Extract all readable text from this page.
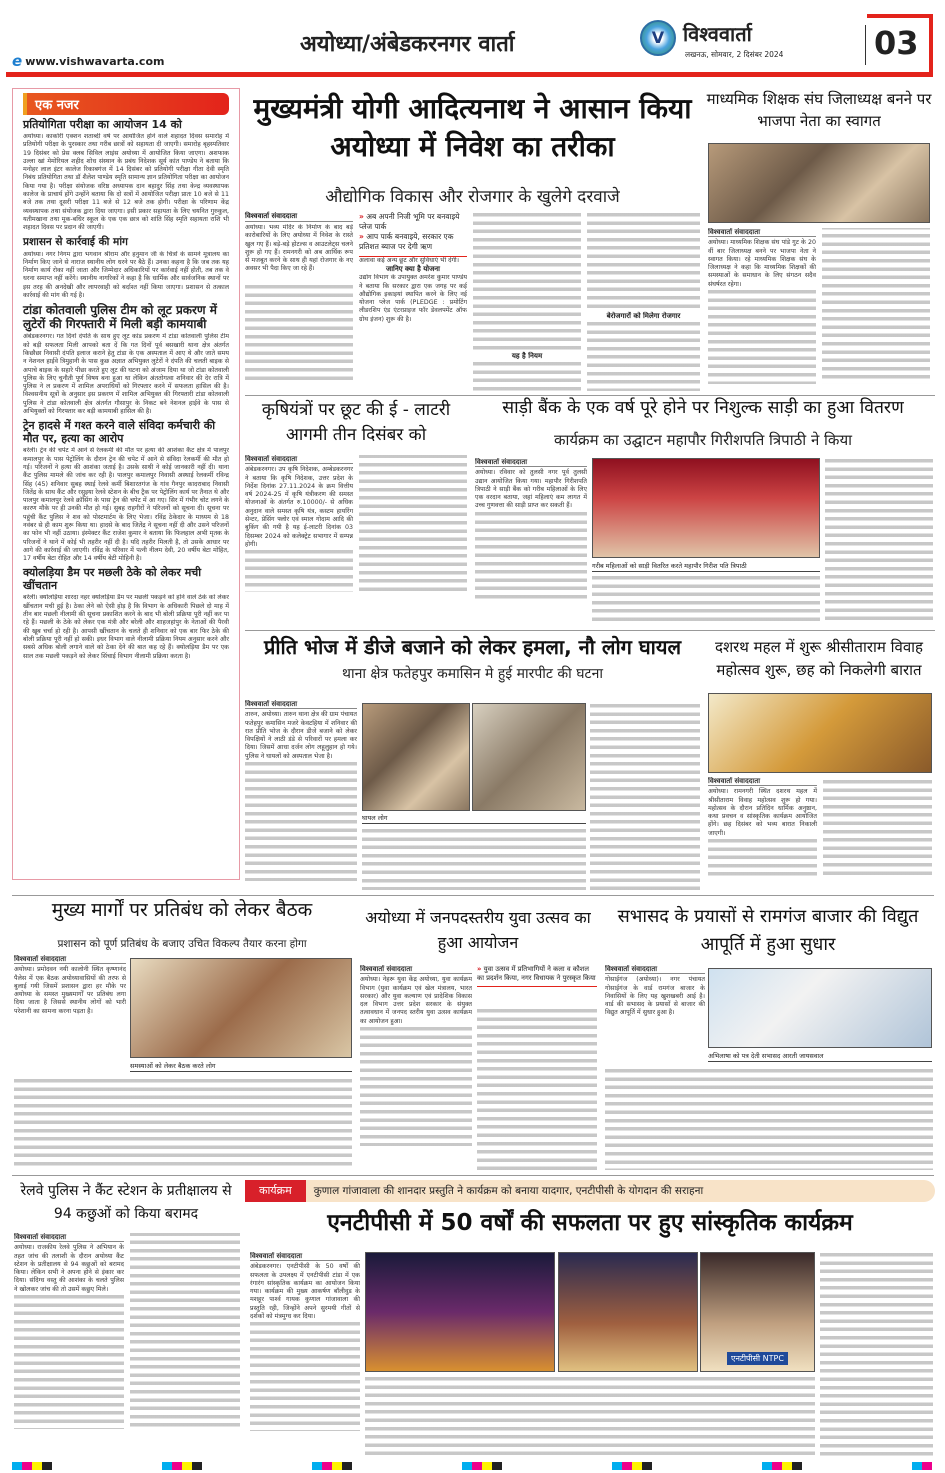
e www.vishwavarta.com
अयोध्या/अंबेडकरनगर वार्ता	V विश्ववार्ता
लखनऊ, सोमवार, 2 दिसंबर 2024	03
एक नजर
प्रतियोगिता परीक्षा का आयोजन 14 को
अयोध्या। काकोरी एक्शन शताब्दी वर्ष पर आयोजित होने वाले शहादत दिवस समारोह में प्रतियोगी परीक्षा के पुरस्कार तथा गरीब छात्रों को सहायता दी जाएगी। समारोह बृहस्पतिवार 19 दिसंबर को प्रेस क्लब सिविल लाइंस अयोध्या में आयोजित किया जाएगा। अशफाक उल्ला खां मेमोरियल शहीद शोध संस्थान के प्रबंध निदेशक सूर्य कांत पाण्डेय ने बताया कि मनोहर लाल इंटर कालेज रिकाबगंज में 14 दिसंबर को प्रतियोगी परीक्षा गीता देवी स्मृति निबंध प्रतियोगिता तथा डॉ शैलेश पाण्डेय स्मृति सामान्य ज्ञान प्रतियोगिता परीक्षा का आयोजन किया गया है। परीक्षा संयोजक वरिष्ठ अध्यापक दान बहादुर सिंह तथा केन्द्र व्यवस्थापक कालेज के प्राचार्य होंगे उन्होंने बताया कि दो सत्रों में आयोजित परीक्षा प्रातः 10 बजे से 11 बजे तक तथा दूसरी परीक्षा 11 बजे से 12 बजे तक होगी। परीक्षा के परिणाम केंद्र व्यवस्थापक तथा संयोजक द्वारा दिया जाएगा। इसी प्रकार सहायता के लिए चयनित गुरुकुल, यतीमखाना तथा मूक-बधिर स्कूल के एक एक छात्र को शांति सिंह स्मृति सहायता राशि भी शहादत दिवस पर प्रदान की जाएगी।
प्रशासन से कार्रवाई की मांग
अयोध्या। नगर निगम द्वारा भगवान श्रीराम और हनुमान जी के चित्रों के सामने मूत्रालय का निर्माण किए जाने से नाराज स्थानीय लोग धरने पर बैठे हैं। उनका कहना है कि जब तक यह निर्माण कार्य रोका नहीं जाता और जिम्मेदार अधिकारियों पर कार्रवाई नहीं होती, तब तक वे धरना समाप्त नहीं करेंगे। स्थानीय नागरिकों ने कहा है कि धार्मिक और सार्वजनिक स्थानों पर इस तरह की अनदेखी और लापरवाही को बर्दाश्त नहीं किया जाएगा। प्रशासन से तत्काल कार्रवाई की मांग की गई है।
टांडा कोतवाली पुलिस टीम को लूट प्रकरण में लुटेरों की गिरफ्तारी में मिली बड़ी कामयाबी
अंबेडकरनगर। गत दिनों दंपति के साथ हुए लूट कांड प्रकरण में टांडा कोतवाली पुलिस टीम को बड़ी सफलता मिली आपको बता दें कि गत दिनों पूर्व बसखारी थाना क्षेत्र अंतर्गत किछौछा निवासी दंपति इलाज कराने हेतु टांडा के एक अस्पताल में आए थे और जाते समय न नेशनल हाईवे त्रिमुहानी के पास कुछ अज्ञात अभियुक्त लुटेरों ने दंपति की चलती बाइक से अपाचे बाइक के सहारे पीछा करते हुए लूट की घटना को अंजाम दिया था जो टांडा कोतवाली पुलिस के लिए चुनौती पूर्ण विषय बना हुआ था लेकिन अंततोगत्वा शनिवार की देर रात्रि में पुलिस ने ल प्रकरण में शामिल अपराधियों को गिरफ्तार करने में सफलता हासिल की है। विश्वसनीय सूत्रों के अनुसार इस प्रकरण में शामिल अभियुक्त की गिरफ्तारी टांडा कोतवाली पुलिस ने टांडा कोतवाली क्षेत्र अंतर्गत गौसापुर के निकट बने नेशनल हाईवे के पास से अभियुक्तों को गिरफ्तार कर बड़ी कामयाबी हासिल की है।
ट्रेन हादसे में गश्त करने वाले संविदा कर्मचारी की मौत पर, हत्या का आरोप
बरेली। ट्रेन की चपेट में आने से रेलकर्मी की मौत पर हत्या की आशंका कैंट क्षेत्र में पालपुर कमालपुर के पास पेट्रोलिंग के दौरान ट्रेन की चपेट में आने से संविदा रेलकर्मी की मौत हो गई। परिजनों ने हत्या की आशंका जताई है। उसके साथी ने कोई जानकारी नहीं दी। थाना कैंट पुलिस मामले की जांच कर रही है। पालपुर कमालपुर निवासी अस्थाई रेलकर्मी रविन्द्र सिंह (45) शनिवार सुबह स्थाई रेलवे कर्मी बिशारतगंज के गांव गैनपुर कादराबाद निवासी जितेंद्र के साथ कैंट और रसुइया रेलवे स्टेशन के बीच ट्रैक पर पेट्रोलिंग कार्य पर तैनात थे और पालपुर कमालपुर रेलवे क्रॉसिंग के पास ट्रेन की चपेट में आ गए। सिर में गंभीर चोट लगने के कारण मौके पर ही उनकी मौत हो गई। सुबह राहगीरों ने परिजनों को सूचना दी। सूचना पर पहुंची कैंट पुलिस ने शव को पोस्टमार्टम के लिए भेजा। रविंद्र ठेकेदार के माध्यम से 18 नवंबर से ही काम शुरू किया था। हादसे के बाद जितेंद्र ने सूचना नहीं दी और उसने परिजनों का फोन भी नहीं उठाया। इंस्पेक्टर कैंट राजेश कुमार ने बताया कि फिलहाल अभी मृतक के परिजनों ने थाने में कोई भी तहरीर नहीं दी है। यदि तहरीर मिलती है, तो उसके आधार पर आगे की कार्रवाई की जाएगी। रविंद्र के परिवार में पत्नी नीलम देवी, 20 वर्षीय बेटा मोहित, 17 वर्षीय बेटा रोहित और 14 वर्षीय बेटी मोहिनी है।
क्योलड़िया डैम पर मछली ठेके को लेकर मची खींचतान
बरेली। क्योलड़िया शारदा नहर क्योलड़िया डैम पर मछली पकड़ने को होने वाले ठेके को लेकर खींचतान मची हुई है। ठेका लेने को ऐसी होड़ है कि विभाग के अधिकारी पिछले दो माह में तीन बार मछली नीलामी की सूचना प्रकाशित करने के बाद भी बोली प्रक्रिया पूरी नहीं कर पा रहे हैं। मछली के ठेके को लेकर एक मंत्री और बरेली और शाहजहांपुर के नेताओं की पैरवी की खूब चर्चा हो रही है। आपसी खींचतान के चलते ही शनिवार को एक बार फिर ठेके की बोली प्रक्रिया पूरी नहीं हो सकी। इधर विभाग वाले नीलामी प्रक्रिया नियम अनुसार करने और सबसे अधिक बोली लगाने वाले को ठेका देने की बात कह रहे हैं। क्योलड़िया डैम पर एक साल तक मछली पकड़ने को लेकर सिंचाई विभाग नीलामी प्रक्रिया करता है।
मुख्यमंत्री योगी आदित्यनाथ ने आसान किया अयोध्या में निवेश का तरीका
औद्योगिक विकास और रोजगार के खुलेगे दरवाजे
विश्ववार्ता संवाददाता
अयोध्या। भव्य मंदिर के निर्माण के बाद बड़े कारोबारियों के लिए अयोध्या में निवेश के रास्ते खुल गए हैं। बड़े-बड़े होटल्स व आउटलेट्स चलने शुरू हो गए हैं। रामनगरी को अब आर्थिक रूप से मजबूत करने के साथ ही यहां रोजगार के नए अवसर भी पैदा किए जा रहे हैं।
» अब अपनी निजी भूमि पर बनवाइये प्लेज पार्क
» आप पार्क बनवाइये, सरकार एक प्रतिशत ब्याज पर देगी ऋण
अलावा कई अन्य छूट और सुविधाएं भी देगी।
जानिए क्या है योजना
उद्योग विभाग के उपायुक्त अमरेश कुमार पाण्डेय ने बताया कि सरकार द्वारा एक जगह पर कई औद्योगिक इकाइयां स्थापित करने के लिए नई योजना प्लेज पार्क (PLEDGE : प्रमोटिंग लीडरशिप एंड एंटरप्राइज फॉर डेवलपमेंट ऑफ ग्रोथ इंजन) शुरू की है।
यह है नियम
बेरोजगारों को मिलेगा रोजगार
माध्यमिक शिक्षक संघ जिलाध्यक्ष बनने पर भाजपा नेता का स्वागत
विश्ववार्ता संवाददाता
अयोध्या। माध्यमिक शिक्षक संघ पांडे गुट के 20 वीं बार जिलाध्यक्ष बनने पर भाजपा नेता ने स्वागत किया। रहे माध्यमिक शिक्षक संघ के जिलाध्यक्ष ने कहा कि माध्यमिक शिक्षकों की समस्याओं के समाधान के लिए संगठन सदैव संघर्षरत रहेगा।
कृषियंत्रों पर छूट की ई - लाटरी आगमी तीन दिसंबर को
विश्ववार्ता संवाददाता
अंबेडकरनगर। उप कृषि निदेशक, अम्बेडकरनगर ने बताया कि कृषि निदेशक, उत्तर प्रदेश के निर्देश दिनांक 27.11.2024 के क्रम वित्तीय वर्ष 2024-25 में कृषि यंत्रीकरण की समस्त योजनाओं के अंतर्गत रु.10000/- से अधिक अनुदान वाले समस्त कृषि यंत्र, कस्टम हायरिंग सेन्टर, प्रेसिंग फ्लोर एवं स्माल गोदाम आदि की बुकिंग की गयी है यह ई-लाटरी दिनांक 03 दिसम्बर 2024 को कलेक्ट्रेट सभागार में सम्पन्न होगी।
साड़ी बैंक के एक वर्ष पूरे होने पर निशुल्क साड़ी का हुआ वितरण
कार्यक्रम का उद्घाटन महापौर गिरीशपति त्रिपाठी ने किया
विश्ववार्ता संवाददाता
अयोध्या। रविवार को तुलसी नगर पूर्व तुलसी उद्यान आयोजित किया गया। महापौर गिरीशपति त्रिपाठी ने साड़ी बैंक को गरीब महिलाओं के लिए एक वरदान बताया, जहां महिलाएं कम लागत में उच्च गुणवत्ता की साड़ी प्राप्त कर सकती हैं।
गरीब महिलाओं को साड़ी वितरित करते महापौर गिरीश पति त्रिपाठी
प्रीति भोज में डीजे बजाने को लेकर हमला, नौ लोग घायल
थाना क्षेत्र फतेहपुर कमासिन मे हुई मारपीट की घटना
विश्ववार्ता संवाददाता
तारुन, अयोध्या। तारुन थाना क्षेत्र की ग्राम पंचायत फतेहपुर कमासिन मजरे केवटहिया में शनिवार की रात प्रीति भोज के दौरान डीजे बजाने को लेकर विपक्षियों ने लाठी डंडे से परिवारों पर हमला कर दिया। जिसमें आधा दर्जन लोग लहूलुहान हो गये। पुलिस ने घायलों को अस्पताल भेजा है।
घायल लोग
दशरथ महल में शुरू श्रीसीताराम विवाह महोत्सव शुरू, छह को निकलेगी बारात
विश्ववार्ता संवाददाता
अयोध्या। रामनगरी स्थित दशरथ महल में श्रीसीताराम विवाह महोत्सव शुरू हो गया। महोत्सव के दौरान प्रतिदिन धार्मिक अनुष्ठान, कथा प्रवचन व सांस्कृतिक कार्यक्रम आयोजित होंगे। छह दिसंबर को भव्य बारात निकाली जाएगी।
मुख्य मार्गों पर प्रतिबंध को लेकर बैठक
प्रशासन को पूर्ण प्रतिबंध के बजाए उचित विकल्प तैयार करना होगा
विश्ववार्ता संवाददाता
अयोध्या। प्रमोदवन नयी कालोनी स्थित कृष्णानंद पैलेस में एक बैठक अयोध्यावासियों की तरफ से बुलाई गयी जिसमें प्रशासन द्वारा हर मौके पर अयोध्या के समस्त मुख्यमार्गों पर प्रतिबंध लगा दिया जाता है जिससे स्थानीय लोगों को भारी परेशानी का सामना करना पड़ता है।
समस्याओं को लेकर बैठक करते लोग
अयोध्या में जनपदस्तरीय युवा उत्सव का हुआ आयोजन
विश्ववार्ता संवाददाता
अयोध्या। नेहरू युवा केंद्र अयोध्या, युवा कार्यक्रम विभाग (युवा कार्यक्रम एवं खेल मंत्रालय, भारत सरकार) और युवा कल्याण एवं प्रादेशिक विकास दल विभाग उत्तर प्रदेश सरकार के संयुक्त तत्वावधान में जनपद स्तरीय युवा उत्सव कार्यक्रम का आयोजन हुआ।
» युवा उत्सव में प्रतिभागियों ने कला व कौशल का प्रदर्शन किया, नगर विधायक ने पुरस्कृत किया
सभासद के प्रयासों से रामगंज बाजार की विद्युत आपूर्ति में हुआ सुधार
विश्ववार्ता संवाददाता
गोसाईगंज (अयोध्या)। नगर पंचायत गोसाईगंज के वार्ड रामगंज बाजार के निवासियों के लिए यह खुशखबरी आई है। वार्ड की सभासद के प्रयासों से बाजार की विद्युत आपूर्ति में सुधार हुआ है।
अभिलाषा को पत्र देती सभासद आरती जायसवाल
रेलवे पुलिस ने कैंट स्टेशन के प्रतीक्षालय से 94 कछुओं को किया बरामद
विश्ववार्ता संवाददाता
अयोध्या। राजकीय रेलवे पुलिस ने अभियान के तहत जांच की तलाशी के दौरान अयोध्या कैंट स्टेशन के प्रतीक्षालय से 94 कछुओं को बरामद किया। लेकिन सभी ने अपना होने से इंकार कर दिया। संदिग्ध वस्तु की आशंका के चलते पुलिस ने खोलकर जांच की तो उसमें कछुए मिले।
कार्यक्रम	कुणाल गांजावाला की शानदार प्रस्तुति ने कार्यक्रम को बनाया यादगार, एनटीपीसी के योगदान की सराहना
एनटीपीसी में 50 वर्षों की सफलता पर हुए सांस्कृतिक कार्यक्रम
विश्ववार्ता संवाददाता
अंबेडकरनगर। एनटीपीसी के 50 वर्षों की सफलता के उपलक्ष्य में एनटीपीसी टांडा में एक रंगारंग सांस्कृतिक कार्यक्रम का आयोजन किया गया। कार्यक्रम की मुख्य आकर्षण बॉलीवुड के मशहूर पार्श्व गायक कुणाल गांजावाला की प्रस्तुति रही, जिन्होंने अपने सुरमयी गीतों से दर्शकों को मंत्रमुग्ध कर दिया।
एनटीपीसी NTPC
